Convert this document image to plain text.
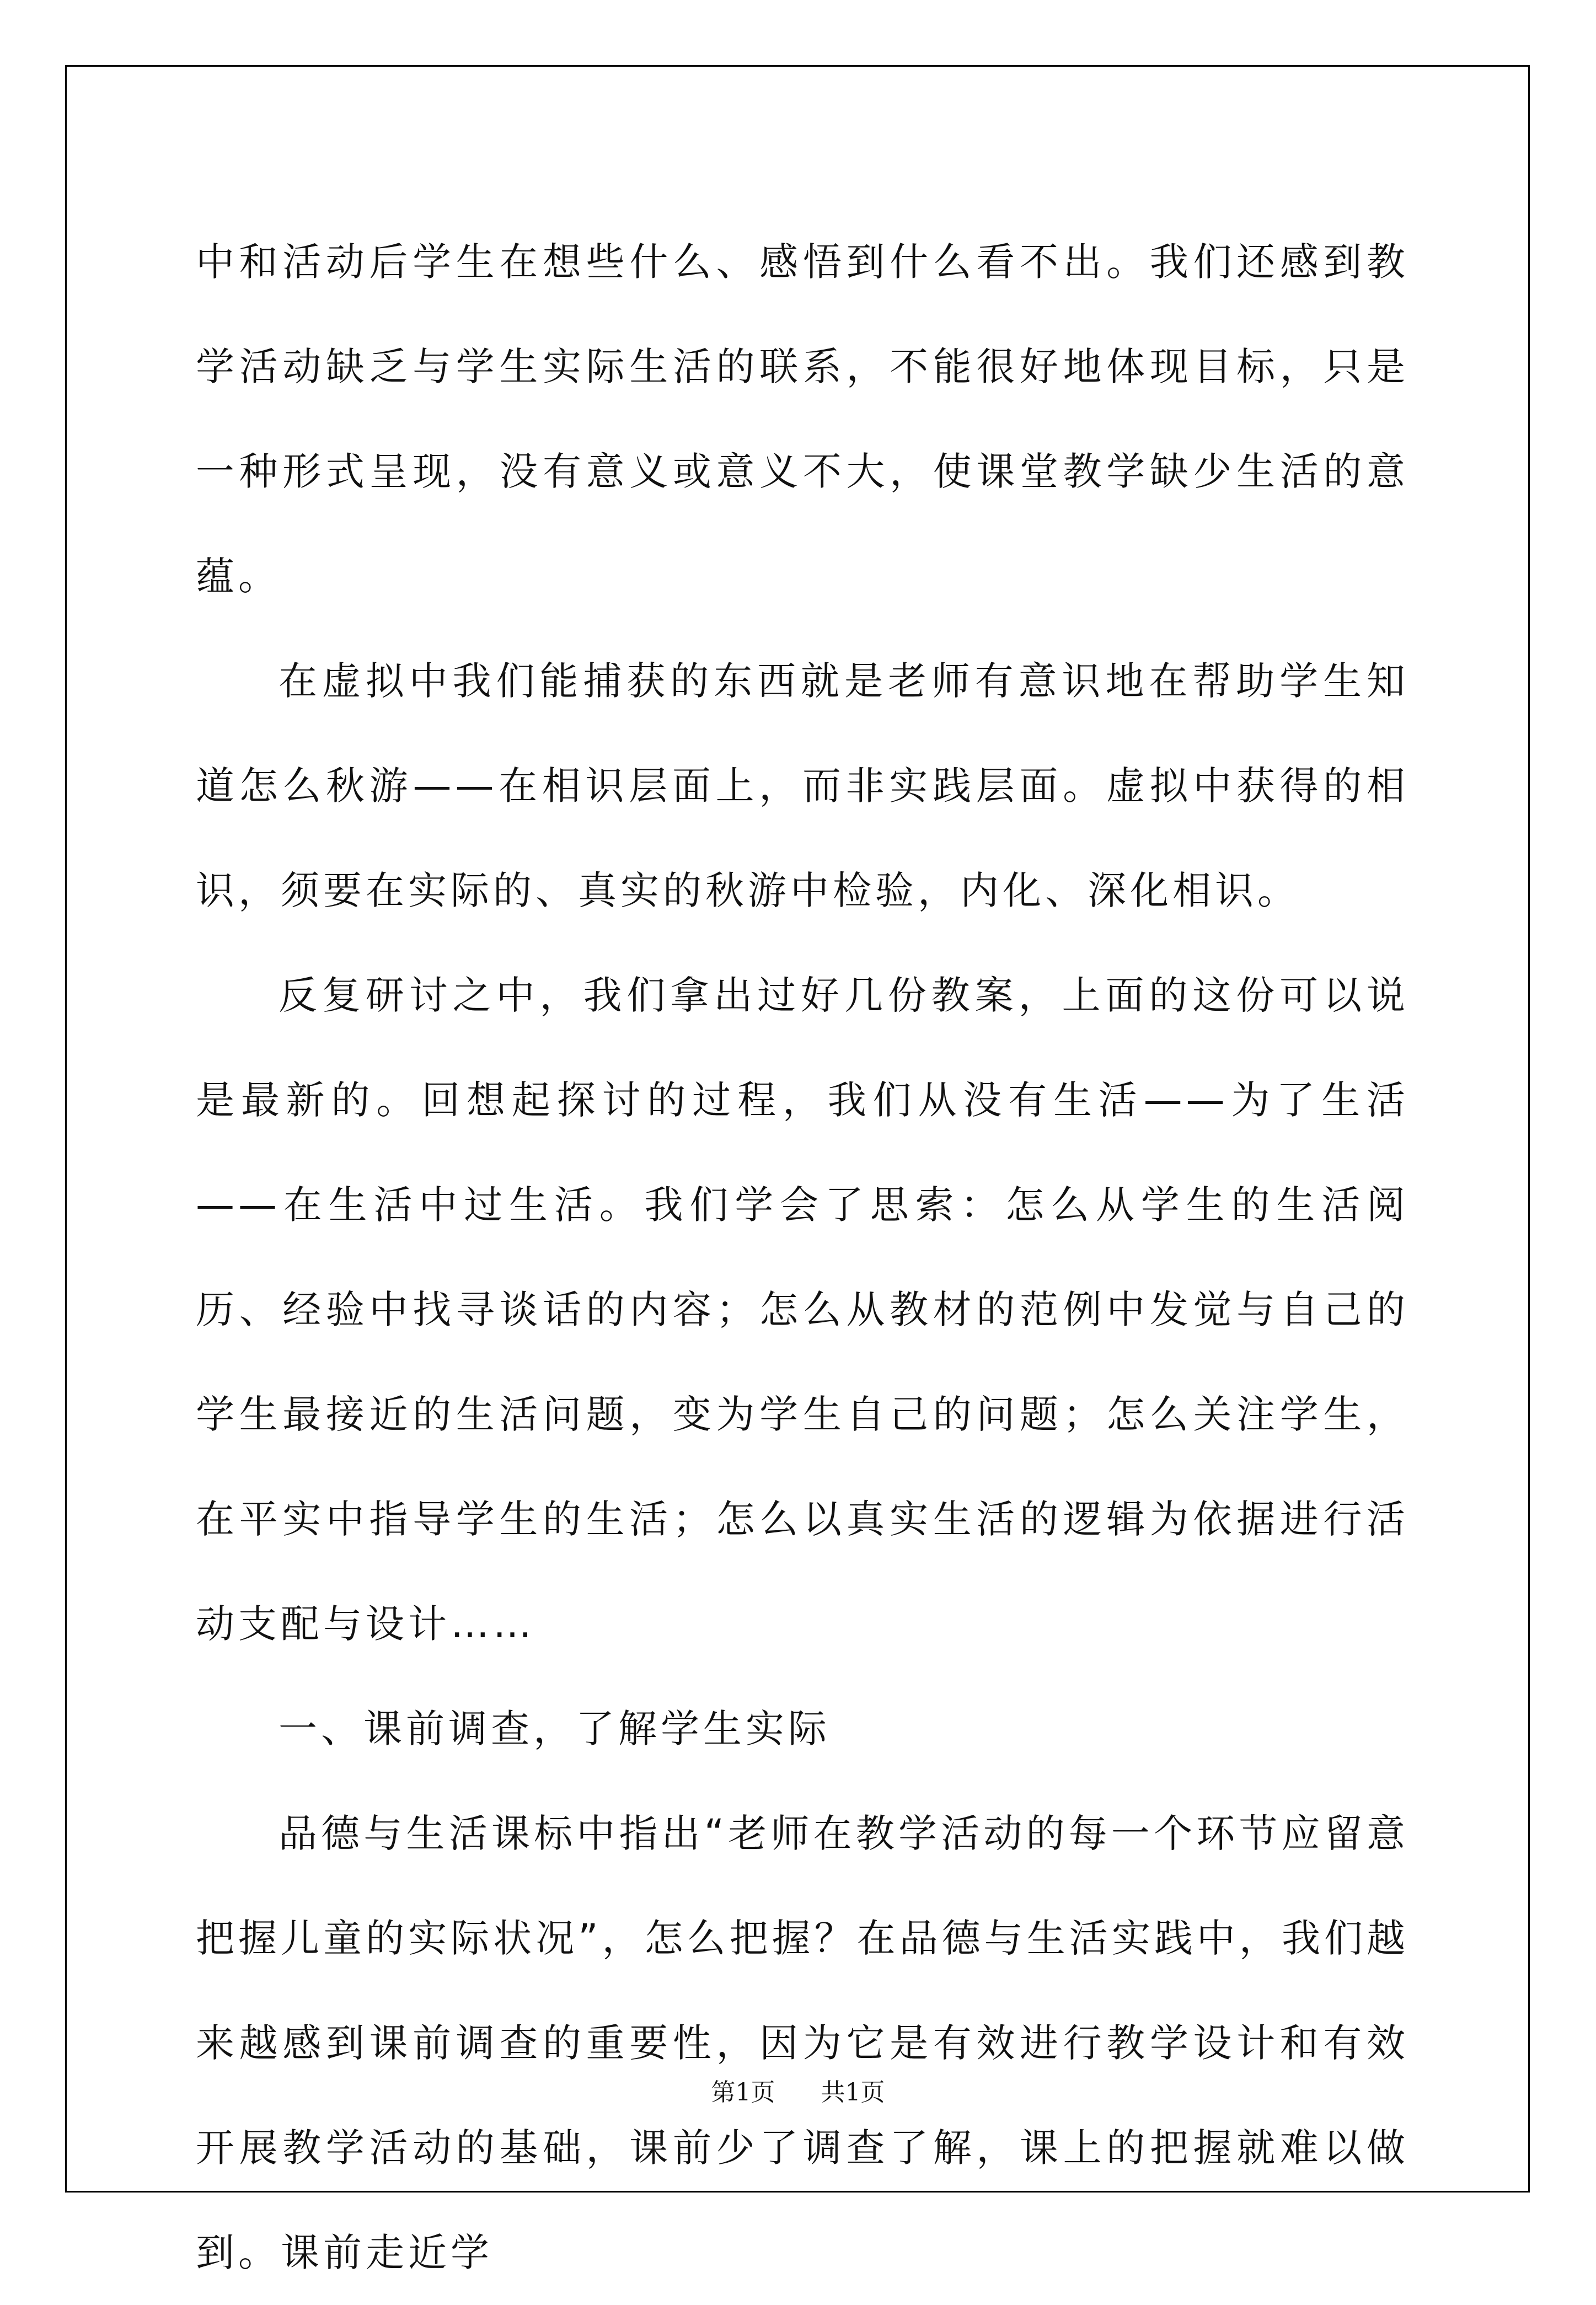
中和活动后学生在想些什么、感悟到什么看不出。我们还感到教学活动缺乏与学生实际生活的联系，不能很好地体现目标，只是一种形式呈现，没有意义或意义不大，使课堂教学缺少生活的意蕴。

在虚拟中我们能捕获的东西就是老师有意识地在帮助学生知道怎么秋游——在相识层面上，而非实践层面。虚拟中获得的相识，须要在实际的、真实的秋游中检验，内化、深化相识。

反复研讨之中，我们拿出过好几份教案，上面的这份可以说是最新的。回想起探讨的过程，我们从没有生活——为了生活——在生活中过生活。我们学会了思索：怎么从学生的生活阅历、经验中找寻谈话的内容；怎么从教材的范例中发觉与自己的学生最接近的生活问题，变为学生自己的问题；怎么关注学生，在平实中指导学生的生活；怎么以真实生活的逻辑为依据进行活动支配与设计……

一、课前调查，了解学生实际

品德与生活课标中指出“老师在教学活动的每一个环节应留意把握儿童的实际状况”，怎么把握？在品德与生活实践中，我们越来越感到课前调查的重要性，因为它是有效进行教学设计和有效开展教学活动的基础，课前少了调查了解，课上的把握就难以做到。课前走近学

第1页 共1页
